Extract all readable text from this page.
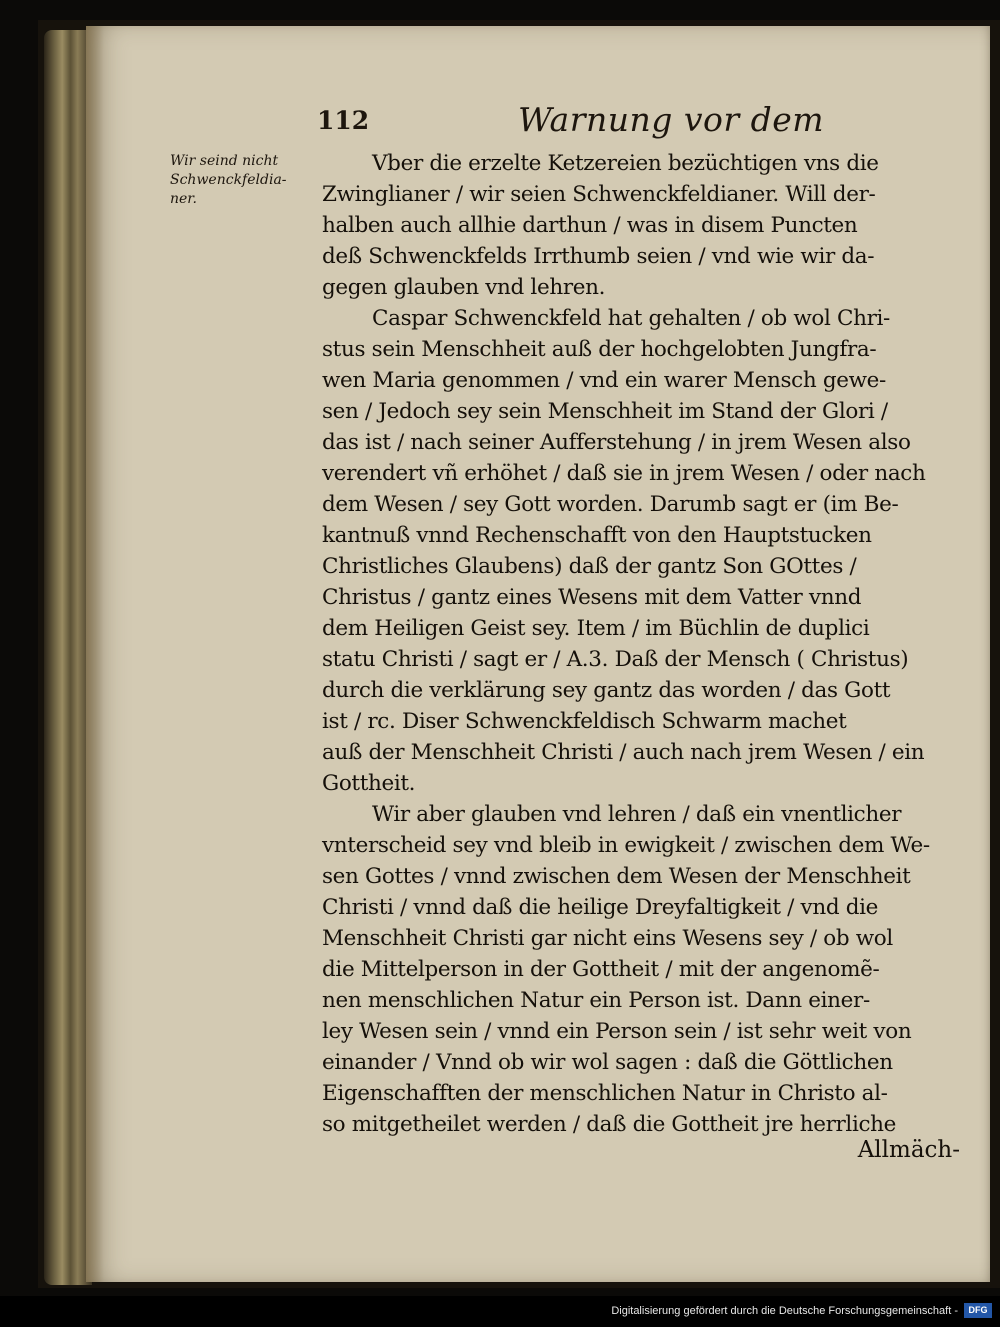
112	Warnung vor dem
Wir seind nicht
Schwenckfeldia-
ner.
Vber die erzelte Ketzereien bezüchtigen vns die
Zwinglianer / wir seien Schwenckfeldianer. Will der-
halben auch allhie darthun / was in disem Puncten
deß Schwenckfelds Irrthumb seien / vnd wie wir da-
gegen glauben vnd lehren.
Caspar Schwenckfeld hat gehalten / ob wol Chri-
stus sein Menschheit auß der hochgelobten Jungfra-
wen Maria genommen / vnd ein warer Mensch gewe-
sen / Jedoch sey sein Menschheit im Stand der Glori /
das ist / nach seiner Aufferstehung / in jrem Wesen also
verendert vñ erhöhet / daß sie in jrem Wesen / oder nach
dem Wesen / sey Gott worden. Darumb sagt er (im Be-
kantnuß vnnd Rechenschafft von den Hauptstucken
Christliches Glaubens) daß der gantz Son GOttes /
Christus / gantz eines Wesens mit dem Vatter vnnd
dem Heiligen Geist sey. Item / im Büchlin de duplici
statu Christi / sagt er / A.3. Daß der Mensch ( Christus)
durch die verklärung sey gantz das worden / das Gott
ist / rc. Diser Schwenckfeldisch Schwarm machet
auß der Menschheit Christi / auch nach jrem Wesen / ein
Gottheit.
Wir aber glauben vnd lehren / daß ein vnentlicher
vnterscheid sey vnd bleib in ewigkeit / zwischen dem We-
sen Gottes / vnnd zwischen dem Wesen der Menschheit
Christi / vnnd daß die heilige Dreyfaltigkeit / vnd die
Menschheit Christi gar nicht eins Wesens sey / ob wol
die Mittelperson in der Gottheit / mit der angenomẽ-
nen menschlichen Natur ein Person ist. Dann einer-
ley Wesen sein / vnnd ein Person sein / ist sehr weit von
einander / Vnnd ob wir wol sagen : daß die Göttlichen
Eigenschafften der menschlichen Natur in Christo al-
so mitgetheilet werden / daß die Gottheit jre herrliche
Allmäch-
Digitalisierung gefördert durch die Deutsche Forschungsgemeinschaft -	DFG
